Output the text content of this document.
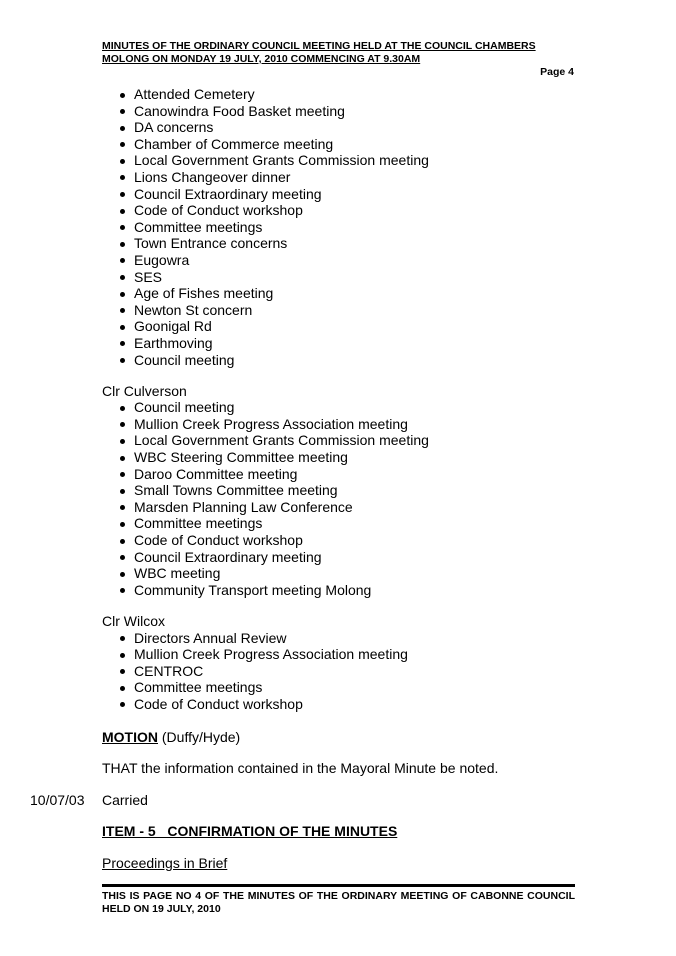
MINUTES OF THE ORDINARY COUNCIL MEETING HELD AT THE COUNCIL CHAMBERS
MOLONG ON MONDAY 19 JULY, 2010 COMMENCING AT 9.30AM
Page 4
Attended Cemetery
Canowindra Food Basket meeting
DA concerns
Chamber of Commerce meeting
Local Government Grants Commission meeting
Lions Changeover dinner
Council Extraordinary meeting
Code of Conduct workshop
Committee meetings
Town Entrance concerns
Eugowra
SES
Age of Fishes meeting
Newton St concern
Goonigal Rd
Earthmoving
Council meeting
Clr Culverson
Council meeting
Mullion Creek Progress Association meeting
Local Government Grants Commission meeting
WBC Steering Committee meeting
Daroo Committee meeting
Small Towns Committee meeting
Marsden Planning Law Conference
Committee meetings
Code of Conduct workshop
Council Extraordinary meeting
WBC meeting
Community Transport meeting Molong
Clr Wilcox
Directors Annual Review
Mullion Creek Progress Association meeting
CENTROC
Committee meetings
Code of Conduct workshop
MOTION (Duffy/Hyde)
THAT the information contained in the Mayoral Minute be noted.
10/07/03 Carried
ITEM - 5   CONFIRMATION OF THE MINUTES
Proceedings in Brief
THIS IS PAGE NO 4 OF THE MINUTES OF THE ORDINARY MEETING OF CABONNE COUNCIL HELD ON 19 JULY, 2010
